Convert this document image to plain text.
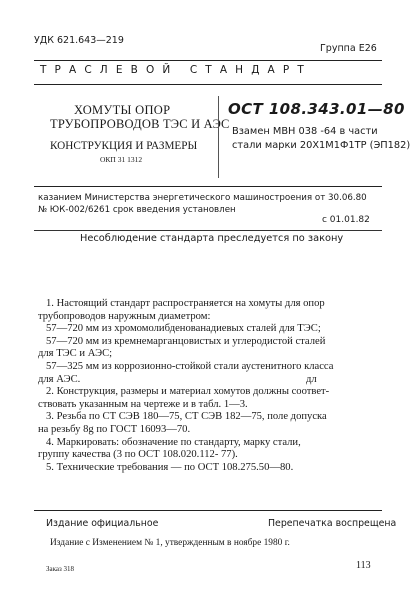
УДК 621.643—219
Группа Е26
Т Р А С Л Е В О Й   С Т А Н Д А Р Т
ХОМУТЫ ОПОР
ТРУБОПРОВОДОВ ТЭС И АЭС
КОНСТРУКЦИЯ И РАЗМЕРЫ
ОКП 31 1312
ОСТ 108.343.01—80
Взамен МВН 038 -64 в части
стали марки 20Х1М1Ф1ТР (ЭП182)
казанием Министерства энергетического машиностроения от 30.06.80
№ ЮК-002/6261 срок введения установлен
с 01.01.82
Несоблюдение стандарта преследуется по закону
1. Настоящий стандарт распространяется на хомуты для опор
трубопроводов наружным диаметром:
57—720 мм из хромомолибденованадиевых сталей для ТЭС;
57—720 мм из кремнемарганцовистых и углеродистой сталей
для ТЭС и АЭС;
57—325 мм из коррозионно-стойкой стали аустенитного класса
для АЭС.	дл
2. Конструкция, размеры и материал хомутов должны соответ-
ствовать указанным на чертеже и в табл. 1—3.
3. Резьба по СТ СЭВ 180—75, СТ СЭВ 182—75, поле допуска
на резьбу 8g по ГОСТ 16093—70.
4. Маркировать: обозначение по стандарту, марку стали,
группу качества (3 по ОСТ 108.020.112- 77).
5. Технические требования — по ОСТ 108.275.50—80.
Издание официальное	Перепечатка воспрещена
Издание с Изменением № 1, утвержденным в ноябре 1980 г.
Заказ 318	113
